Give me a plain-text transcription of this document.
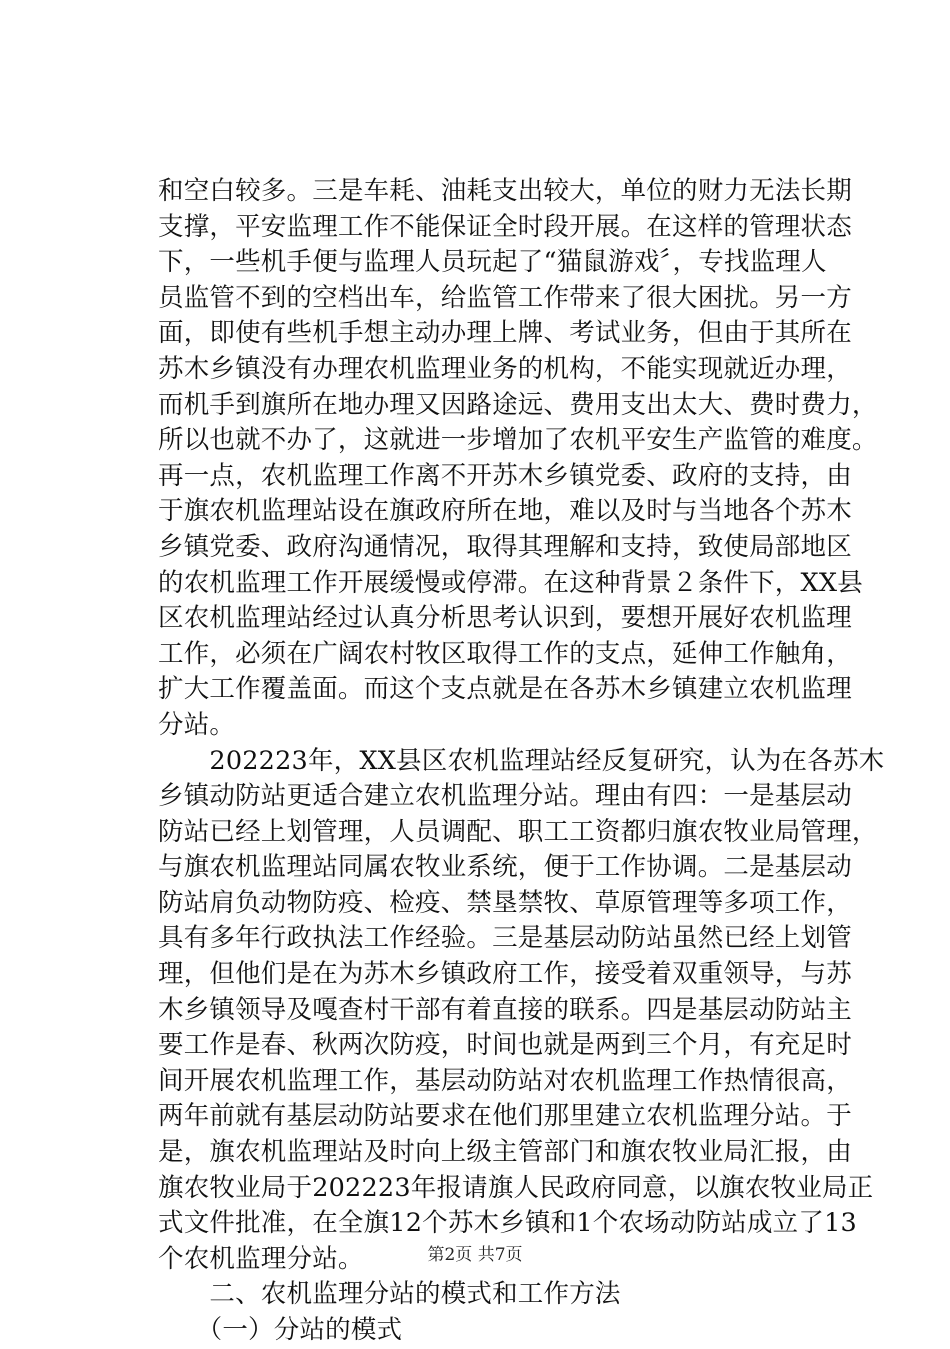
和空白较多。三是车耗、油耗支出较大，单位的财力无法长期
支撑，平安监理工作不能保证全时段开展。在这样的管理状态
下，一些机手便与监理人员玩起了“猫鼠游戏〞，专找监理人
员监管不到的空档出车，给监管工作带来了很大困扰。另一方
面，即使有些机手想主动办理上牌、考试业务，但由于其所在
苏木乡镇没有办理农机监理业务的机构，不能实现就近办理，
而机手到旗所在地办理又因路途远、费用支出太大、费时费力，
所以也就不办了，这就进一步增加了农机平安生产监管的难度。
再一点，农机监理工作离不开苏木乡镇党委、政府的支持，由
于旗农机监理站设在旗政府所在地，难以及时与当地各个苏木
乡镇党委、政府沟通情况，取得其理解和支持，致使局部地区
的农机监理工作开展缓慢或停滞。在这种背景２条件下，XX县
区农机监理站经过认真分析思考认识到，要想开展好农机监理
工作，必须在广阔农村牧区取得工作的支点，延伸工作触角，
扩大工作覆盖面。而这个支点就是在各苏木乡镇建立农机监理
分站。
　　202223年，XX县区农机监理站经反复研究，认为在各苏木
乡镇动防站更适合建立农机监理分站。理由有四：一是基层动
防站已经上划管理，人员调配、职工工资都归旗农牧业局管理，
与旗农机监理站同属农牧业系统，便于工作协调。二是基层动
防站肩负动物防疫、检疫、禁垦禁牧、草原管理等多项工作，
具有多年行政执法工作经验。三是基层动防站虽然已经上划管
理，但他们是在为苏木乡镇政府工作，接受着双重领导，与苏
木乡镇领导及嘎查村干部有着直接的联系。四是基层动防站主
要工作是春、秋两次防疫，时间也就是两到三个月，有充足时
间开展农机监理工作，基层动防站对农机监理工作热情很高，
两年前就有基层动防站要求在他们那里建立农机监理分站。于
是，旗农机监理站及时向上级主管部门和旗农牧业局汇报，由
旗农牧业局于202223年报请旗人民政府同意，以旗农牧业局正
式文件批准，在全旗12个苏木乡镇和1个农场动防站成立了13
个农机监理分站。
　　二、农机监理分站的模式和工作方法
　　（一）分站的模式
第2页 共7页
